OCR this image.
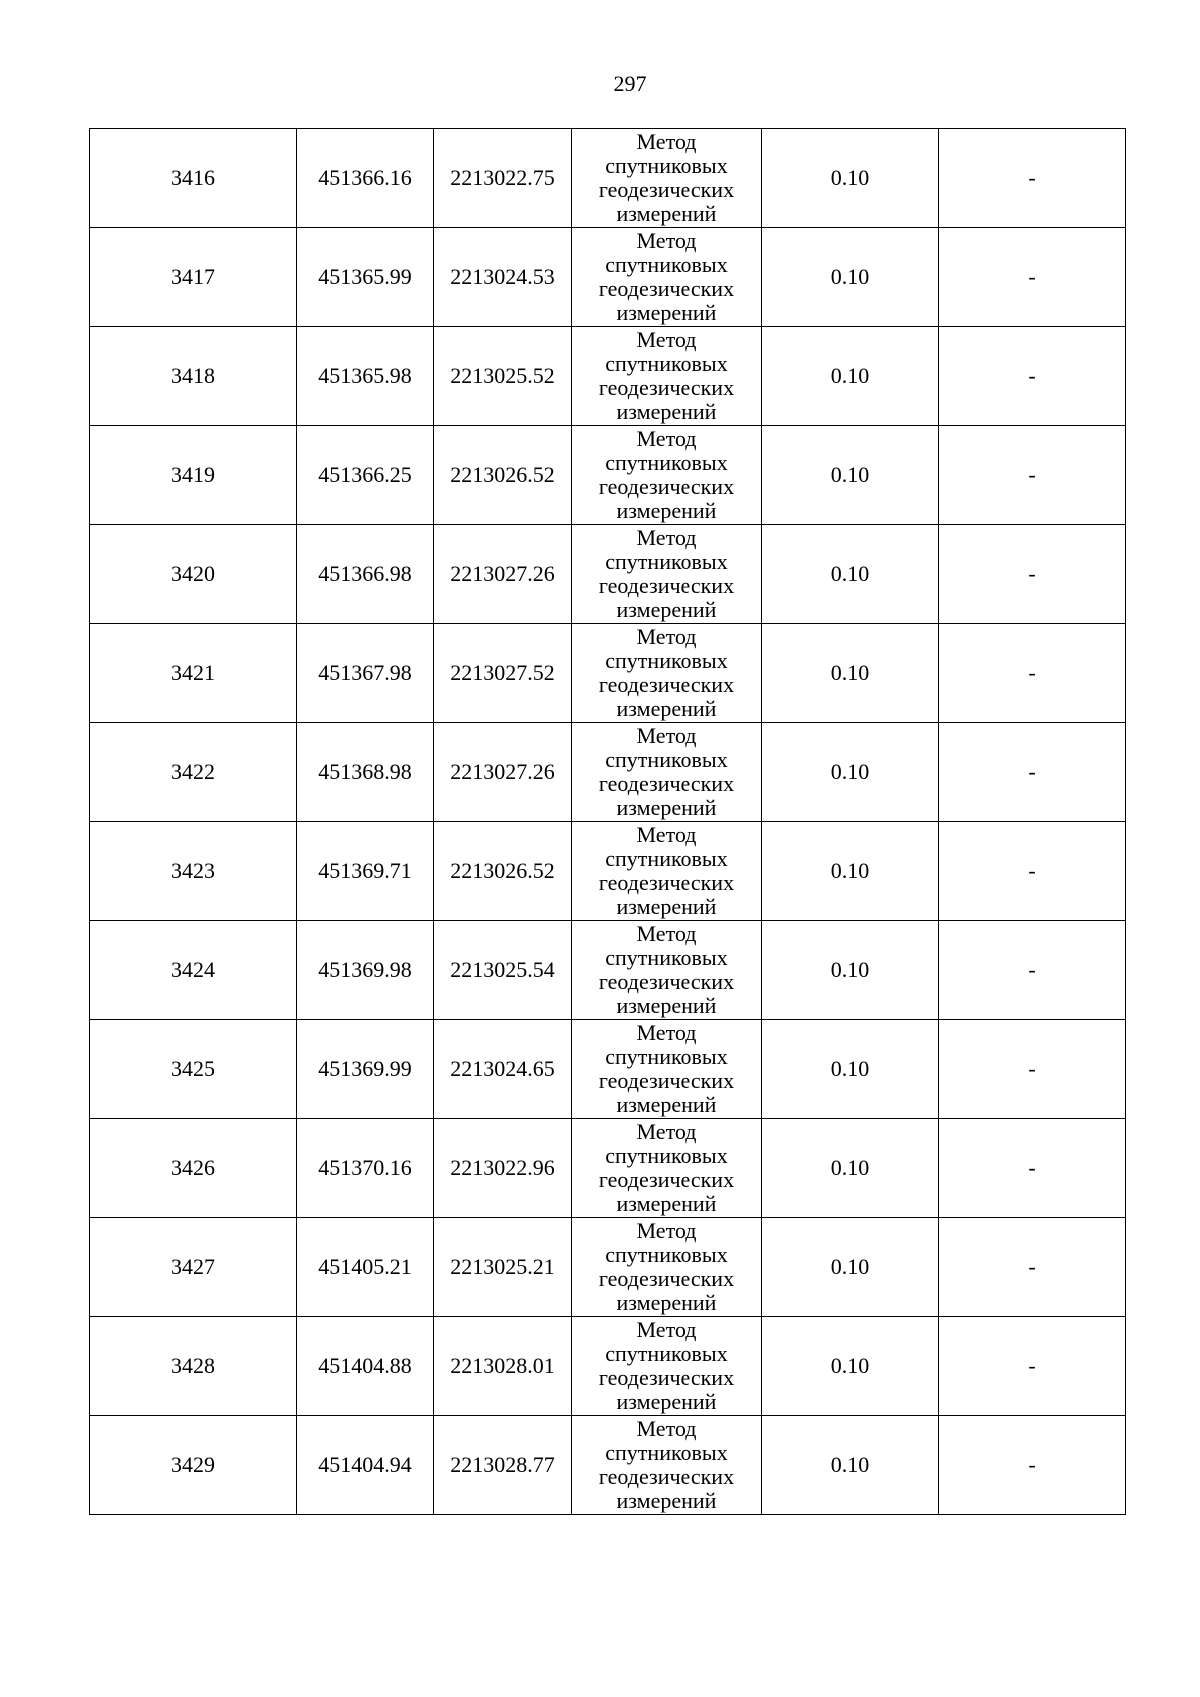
297
3416	451366.16	2213022.75	Метод
спутниковых
геодезических
измерений	0.10	-
3417	451365.99	2213024.53	Метод
спутниковых
геодезических
измерений	0.10	-
3418	451365.98	2213025.52	Метод
спутниковых
геодезических
измерений	0.10	-
3419	451366.25	2213026.52	Метод
спутниковых
геодезических
измерений	0.10	-
3420	451366.98	2213027.26	Метод
спутниковых
геодезических
измерений	0.10	-
3421	451367.98	2213027.52	Метод
спутниковых
геодезических
измерений	0.10	-
3422	451368.98	2213027.26	Метод
спутниковых
геодезических
измерений	0.10	-
3423	451369.71	2213026.52	Метод
спутниковых
геодезических
измерений	0.10	-
3424	451369.98	2213025.54	Метод
спутниковых
геодезических
измерений	0.10	-
3425	451369.99	2213024.65	Метод
спутниковых
геодезических
измерений	0.10	-
3426	451370.16	2213022.96	Метод
спутниковых
геодезических
измерений	0.10	-
3427	451405.21	2213025.21	Метод
спутниковых
геодезических
измерений	0.10	-
3428	451404.88	2213028.01	Метод
спутниковых
геодезических
измерений	0.10	-
3429	451404.94	2213028.77	Метод
спутниковых
геодезических
измерений	0.10	-
